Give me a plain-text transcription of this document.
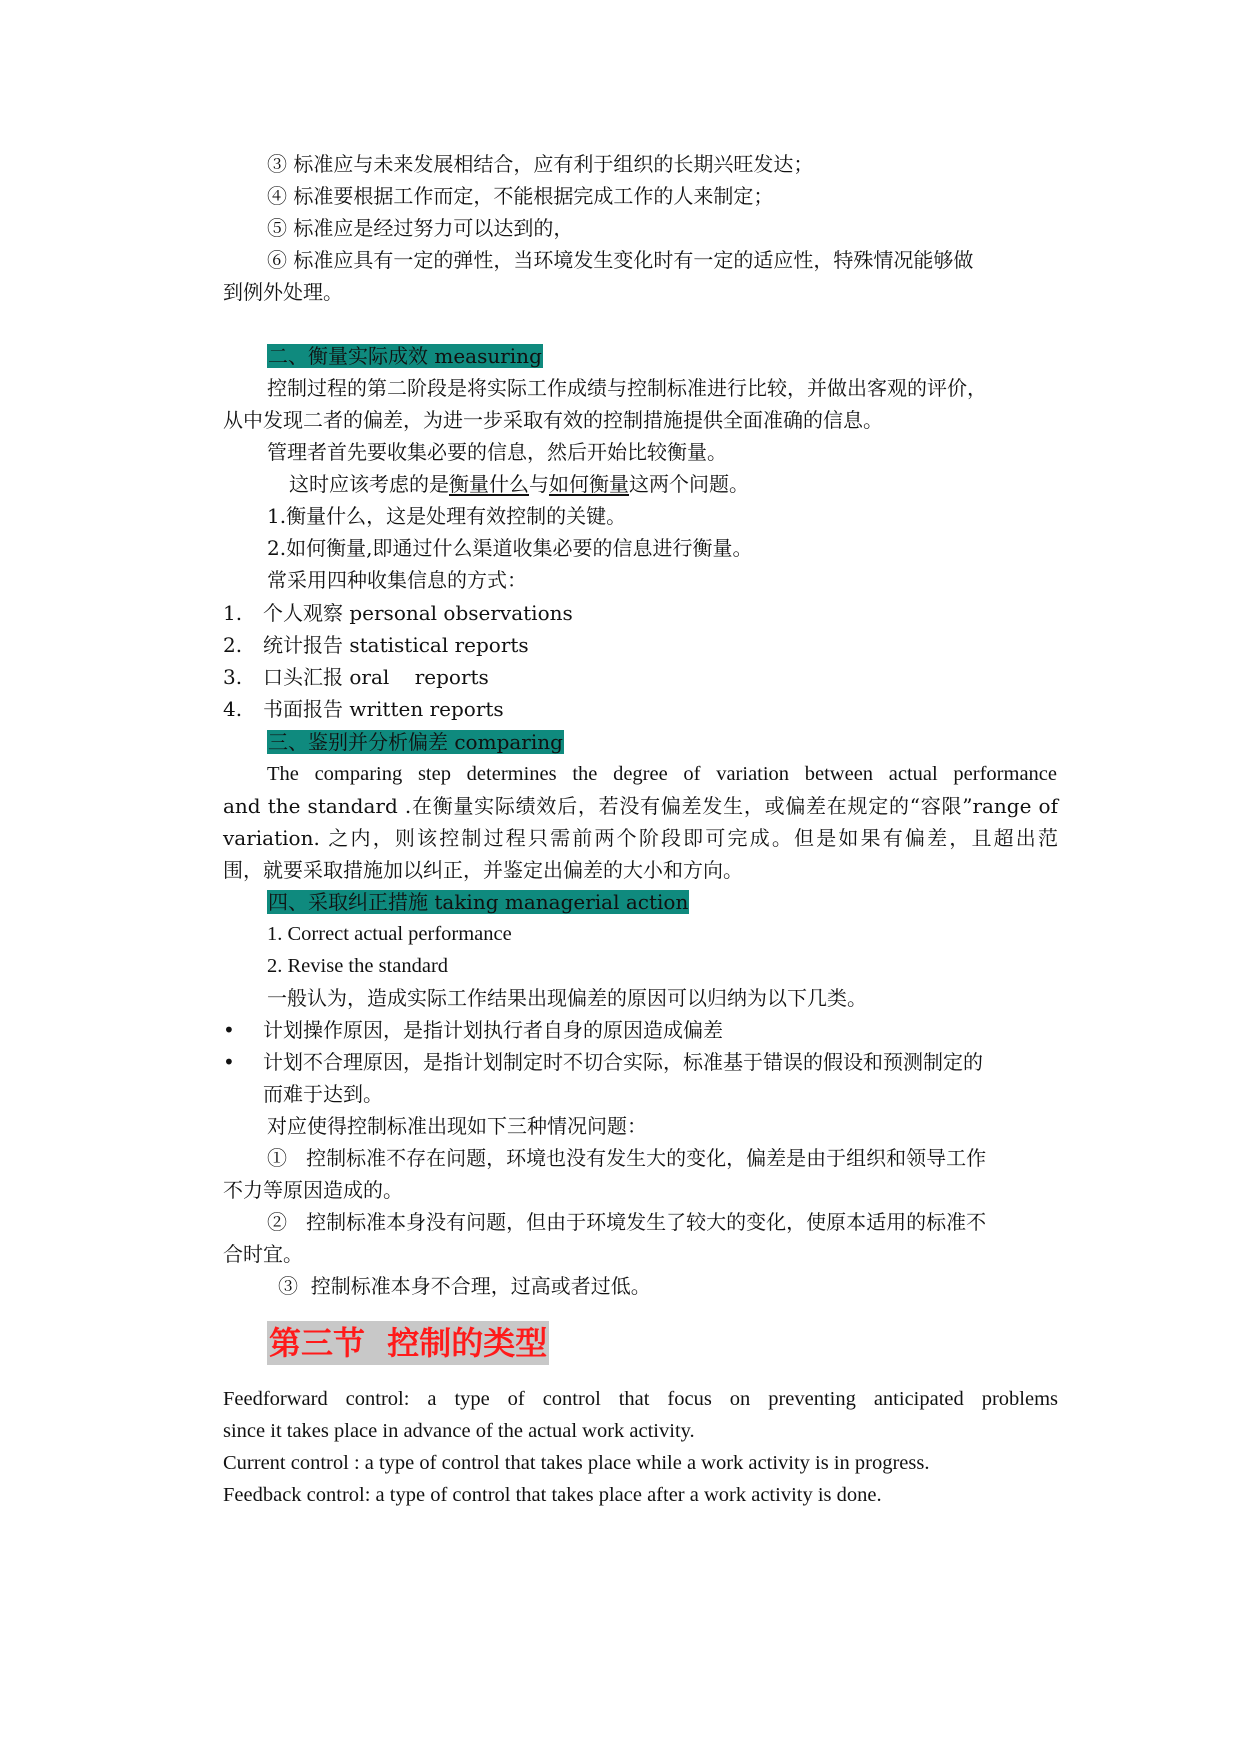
③ 标准应与未来发展相结合，应有利于组织的长期兴旺发达；
④ 标准要根据工作而定，不能根据完成工作的人来制定；
⑤ 标准应是经过努力可以达到的，
⑥ 标准应具有一定的弹性，当环境发生变化时有一定的适应性，特殊情况能够做
到例外处理。
二、衡量实际成效 measuring
控制过程的第二阶段是将实际工作成绩与控制标准进行比较，并做出客观的评价，
从中发现二者的偏差，为进一步采取有效的控制措施提供全面准确的信息。
管理者首先要收集必要的信息，然后开始比较衡量。
这时应该考虑的是衡量什么与如何衡量这两个问题。
1.衡量什么，这是处理有效控制的关键。
2.如何衡量,即通过什么渠道收集必要的信息进行衡量。
常采用四种收集信息的方式：
1. 个人观察 personal observations
2. 统计报告 statistical reports
3. 口头汇报 oral    reports
4. 书面报告 written reports
三、鉴别并分析偏差 comparing
The comparing step determines the degree of variation between actual performance
and the standard .在衡量实际绩效后，若没有偏差发生，或偏差在规定的“容限”range of
variation. 之内，则该控制过程只需前两个阶段即可完成。但是如果有偏差，且超出范
围，就要采取措施加以纠正，并鉴定出偏差的大小和方向。
四、采取纠正措施 taking managerial action
1. Correct actual performance
2. Revise the standard
一般认为，造成实际工作结果出现偏差的原因可以归纳为以下几类。
• 计划操作原因，是指计划执行者自身的原因造成偏差
• 计划不合理原因，是指计划制定时不切合实际，标准基于错误的假设和预测制定的
而难于达到。
对应使得控制标准出现如下三种情况问题：
①   控制标准不存在问题，环境也没有发生大的变化，偏差是由于组织和领导工作
不力等原因造成的。
②   控制标准本身没有问题，但由于环境发生了较大的变化，使原本适用的标准不
合时宜。
③  控制标准本身不合理，过高或者过低。
第三节  控制的类型
Feedforward control: a type of control that focus on preventing anticipated problems
since it takes place in advance of the actual work activity.
Current control : a type of control that takes place while a work activity is in progress.
Feedback control: a type of control that takes place after a work activity is done.
